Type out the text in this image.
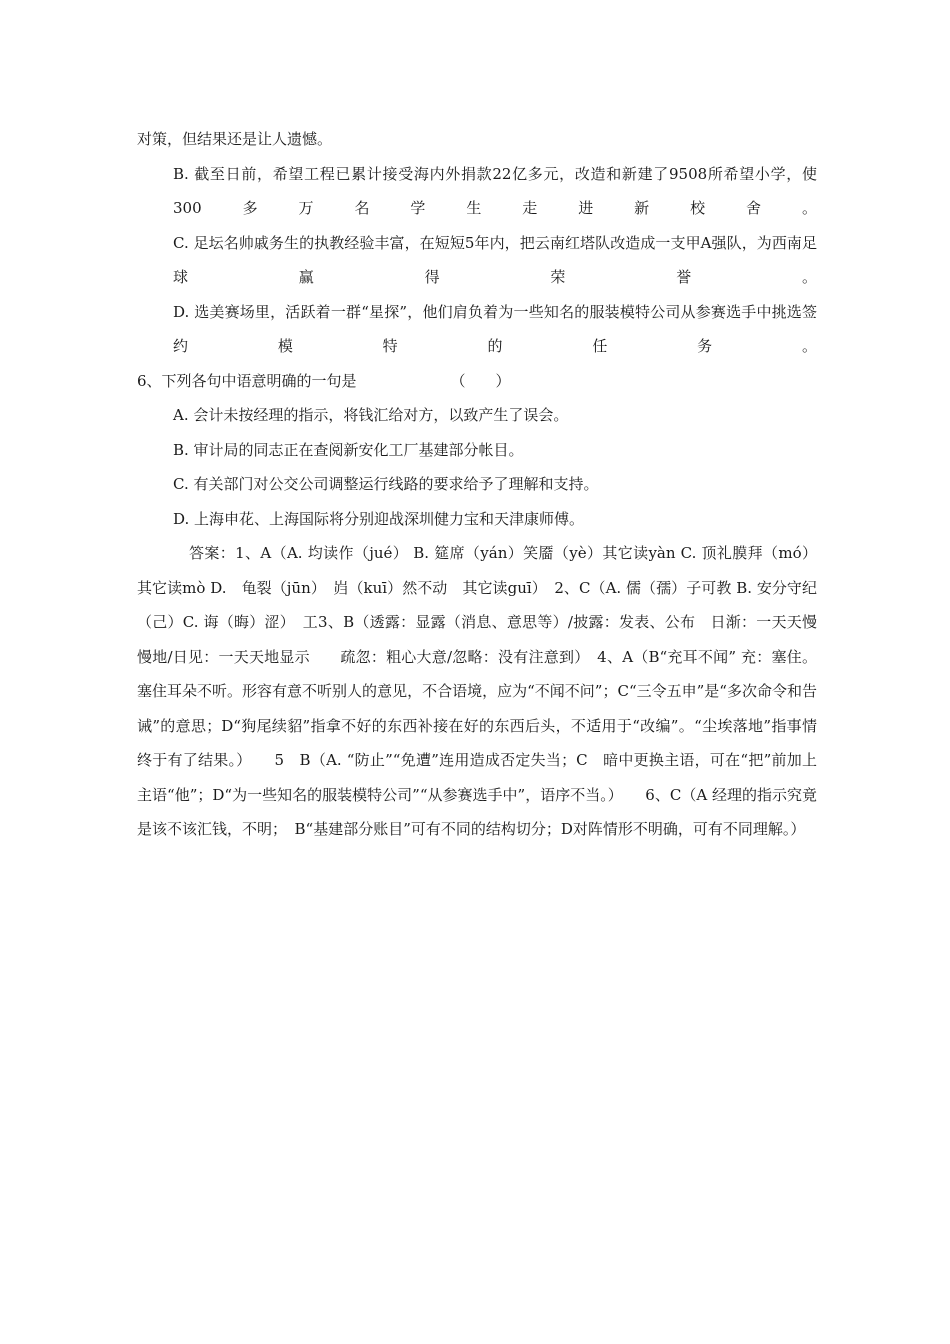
对策，但结果还是让人遗憾。
B. 截至日前，希望工程已累计接受海内外捐款22亿多元，改造和新建了9508所希望小学，使300多万名学生走进新校舍。
C. 足坛名帅戚务生的执教经验丰富，在短短5年内，把云南红塔队改造成一支甲A强队，为西南足球赢得荣誉。
D. 选美赛场里，活跃着一群“星探”，他们肩负着为一些知名的服装模特公司从参赛选手中挑选签约模特的任务。
6、下列各句中语意明确的一句是	（　　）
A. 会计未按经理的指示，将钱汇给对方，以致产生了误会。
B. 审计局的同志正在查阅新安化工厂基建部分帐目。
C. 有关部门对公交公司调整运行线路的要求给予了理解和支持。
D. 上海申花、上海国际将分别迎战深圳健力宝和天津康师傅。
答案：1、A（A. 均读作（jué） B. 筵席（yán）笑靥（yè）其它读yàn C. 顶礼膜拜（mó）其它读mò D.　龟裂（jūn）　岿（kuī）然不动　其它读guī）　2、C（A. 儒（孺）子可教 B. 安分守纪（己）C. 诲（晦）涩）　工3、B（透露：显露（消息、意思等）/披露：发表、公布　日渐：一天天慢慢地/日见：一天天地显示　　疏忽：粗心大意/忽略：没有注意到）　4、A（B“充耳不闻” 充：塞住。塞住耳朵不听。形容有意不听别人的意见，不合语境，应为“不闻不问”；C“三令五申”是“多次命令和告诫”的意思；D“狗尾续貂”指拿不好的东西补接在好的东西后头，不适用于“改编”。“尘埃落地”指事情终于有了结果。）　　5　B（A. “防止”“免遭”连用造成否定失当；C　暗中更换主语，可在“把”前加上主语“他”；D“为一些知名的服装模特公司”“从参赛选手中”，语序不当。）　　6、C（A 经理的指示究竟是该不该汇钱，不明；　B“基建部分账目”可有不同的结构切分；D对阵情形不明确，可有不同理解。）
